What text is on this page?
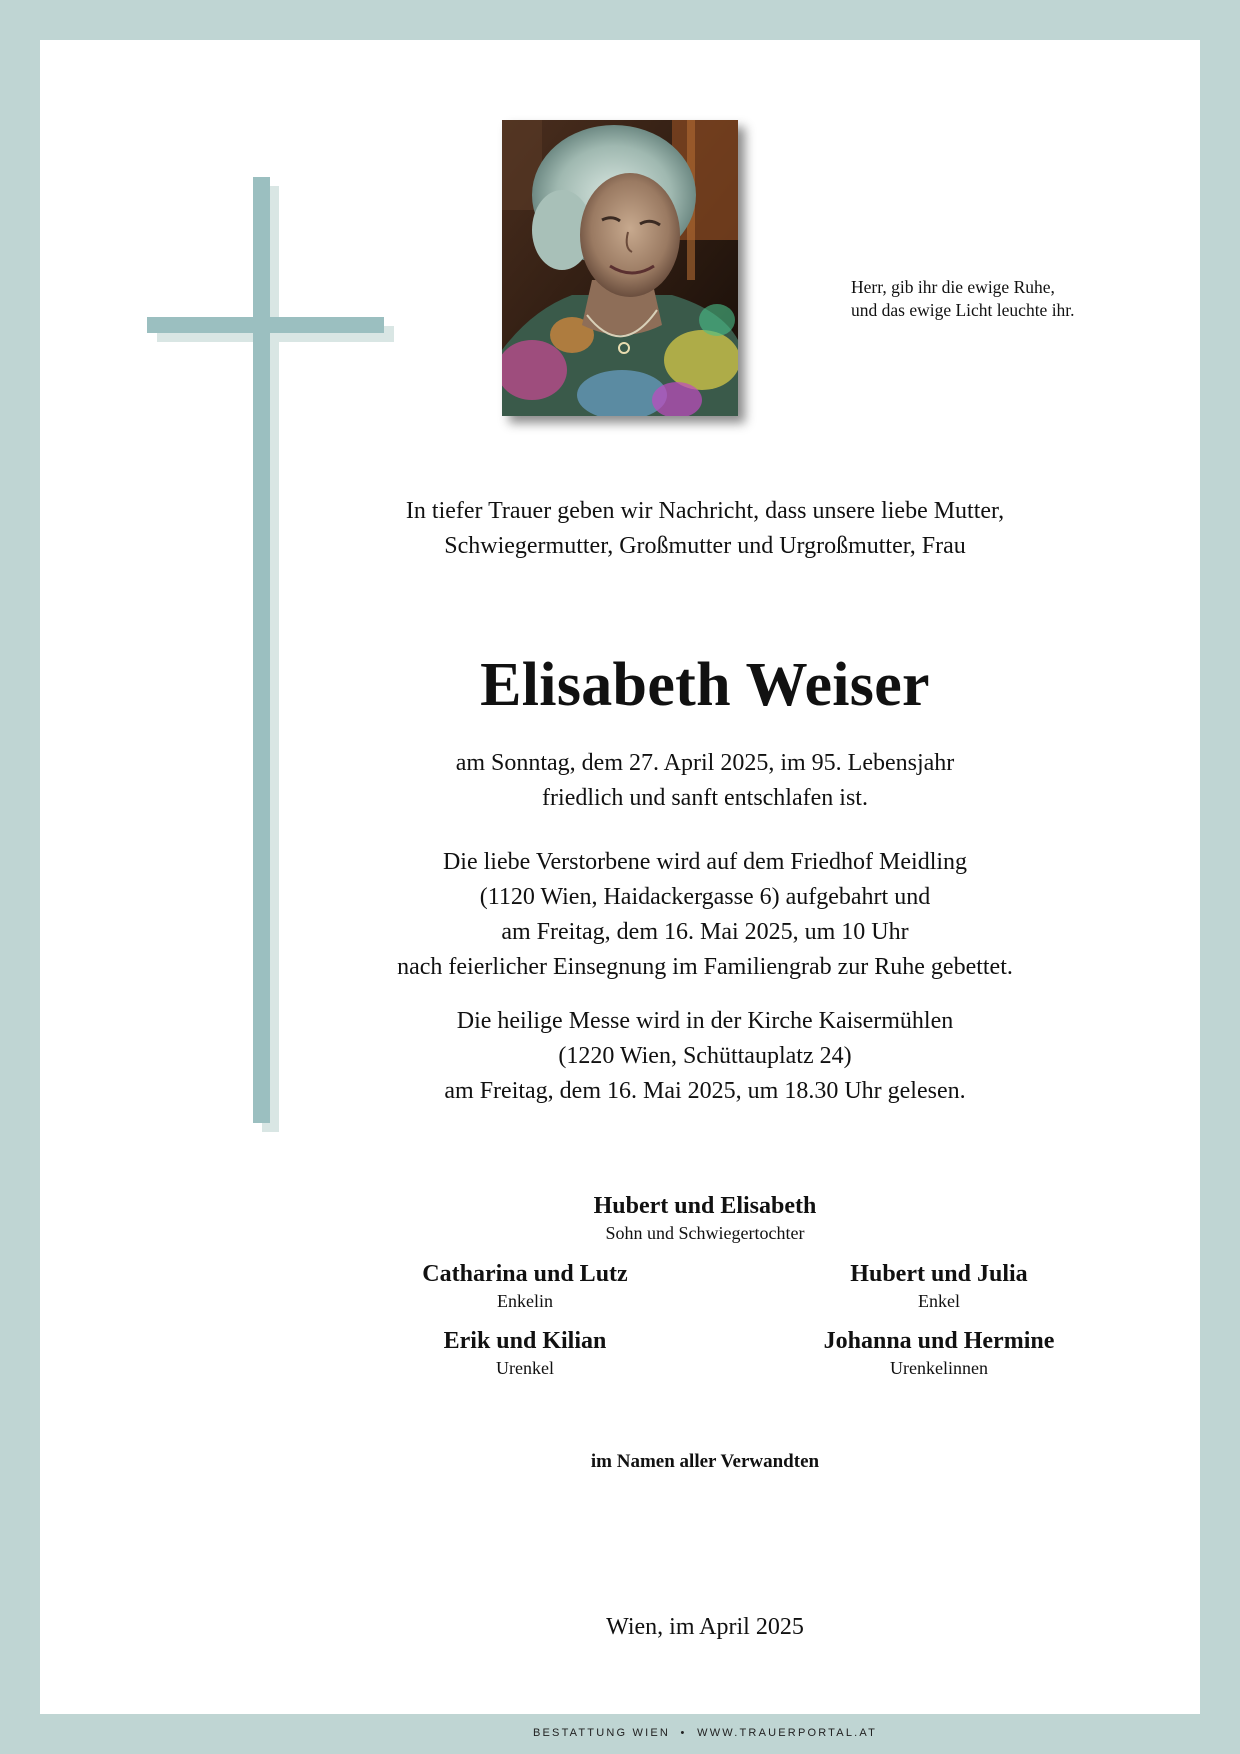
Herr, gib ihr die ewige Ruhe,
und das ewige Licht leuchte ihr.
In tiefer Trauer geben wir Nachricht, dass unsere liebe Mutter,
Schwiegermutter, Großmutter und Urgroßmutter, Frau
Elisabeth Weiser
am Sonntag, dem 27. April 2025, im 95. Lebensjahr
friedlich und sanft entschlafen ist.
Die liebe Verstorbene wird auf dem Friedhof Meidling
(1120 Wien, Haidackergasse 6) aufgebahrt und
am Freitag, dem 16. Mai 2025, um 10 Uhr
nach feierlicher Einsegnung im Familiengrab zur Ruhe gebettet.
Die heilige Messe wird in der Kirche Kaisermühlen
(1220 Wien, Schüttauplatz 24)
am Freitag, dem 16. Mai 2025, um 18.30 Uhr gelesen.
Hubert und Elisabeth
Sohn und Schwiegertochter
Catharina und Lutz
Enkelin
Hubert und Julia
Enkel
Erik und Kilian
Urenkel
Johanna und Hermine
Urenkelinnen
im Namen aller Verwandten
Wien, im April 2025
BESTATTUNG WIEN  •  WWW.TRAUERPORTAL.AT
